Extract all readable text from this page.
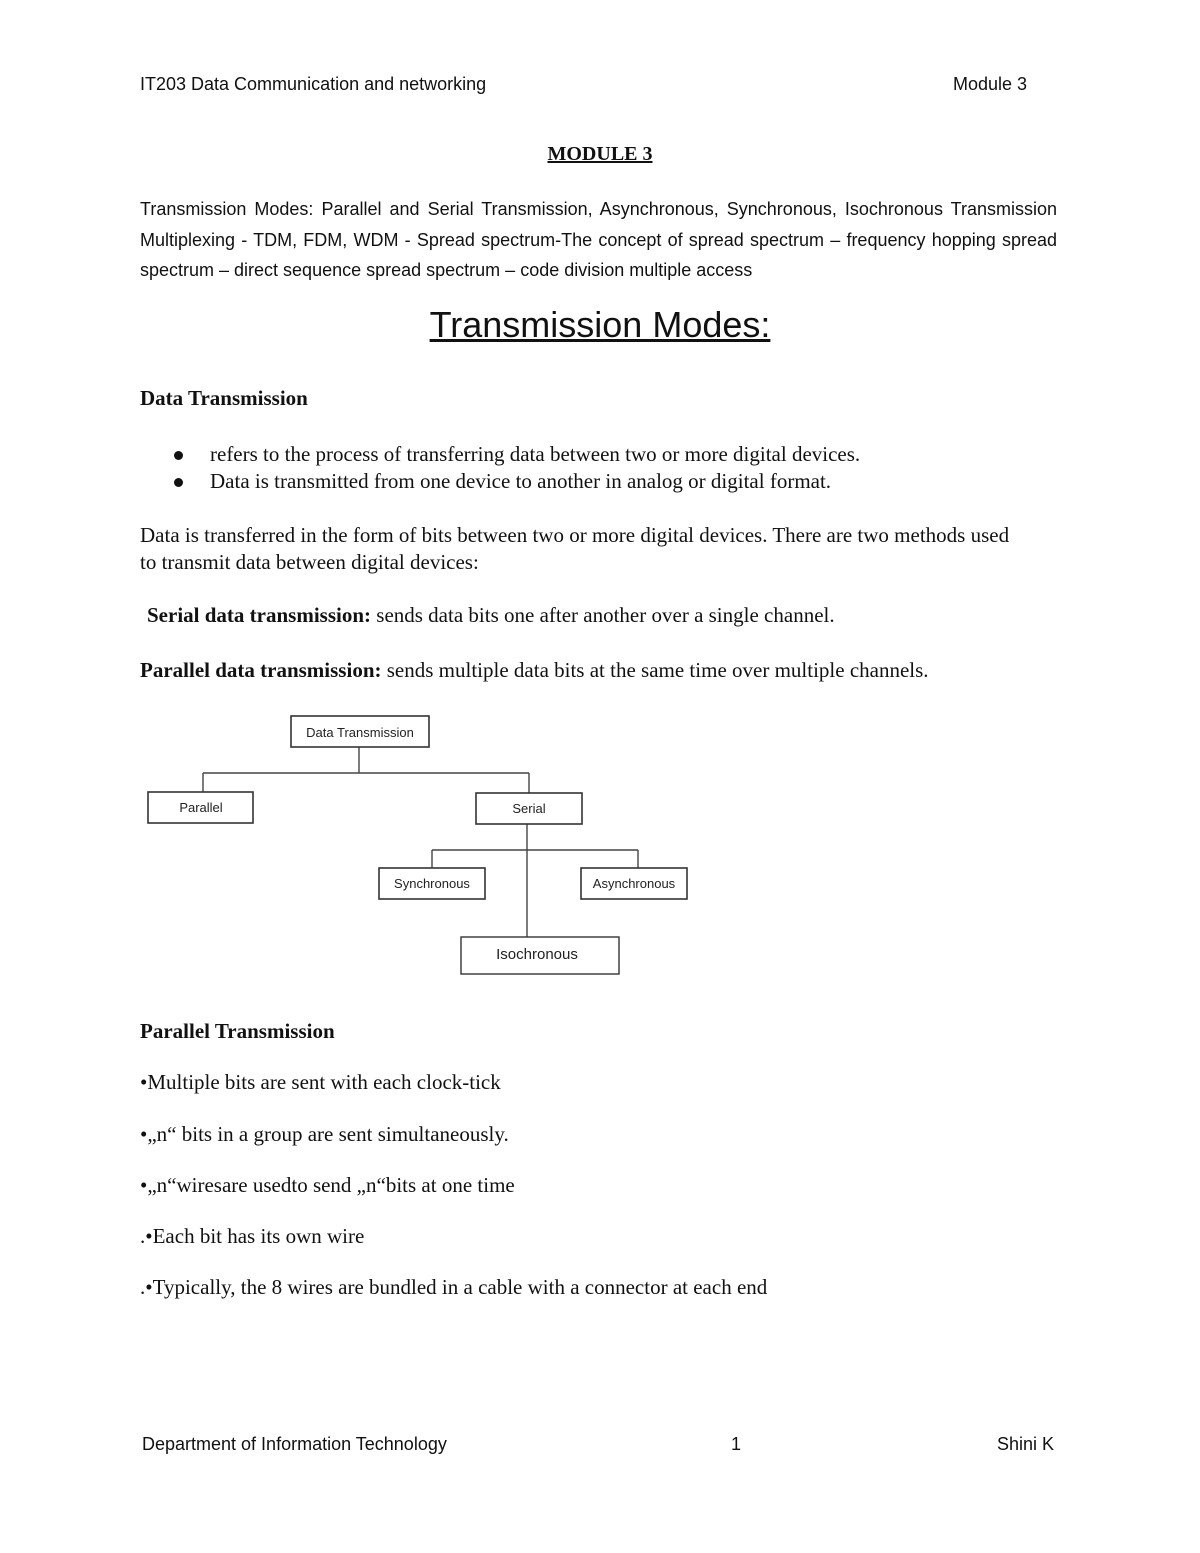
IT203 Data Communication and networking	Module 3
MODULE 3

Transmission Modes: Parallel and Serial Transmission, Asynchronous, Synchronous, Isochronous Transmission Multiplexing - TDM, FDM, WDM - Spread spectrum-The concept of spread spectrum – frequency hopping spread spectrum – direct sequence spread spectrum – code division multiple access

Transmission Modes:
Data Transmission
refers to the process of transferring data between two or more digital devices.
Data is transmitted from one device to another in analog or digital format.

Data is transferred in the form of bits between two or more digital devices. There are two methods used to transmit data between digital devices:

Serial data transmission: sends data bits one after another over a single channel.
Parallel data transmission: sends multiple data bits at the same time over multiple channels.
Data Transmission
Parallel	Serial
Synchronous	Asynchronous
Isochronous
Parallel Transmission
•Multiple bits are sent with each clock-tick
•„n“ bits in a group are sent simultaneously.
•„n“wiresare usedto send „n“bits at one time
.•Each bit has its own wire
.•Typically, the 8 wires are bundled in a cable with a connector at each end
Department of Information Technology	1	Shini K
